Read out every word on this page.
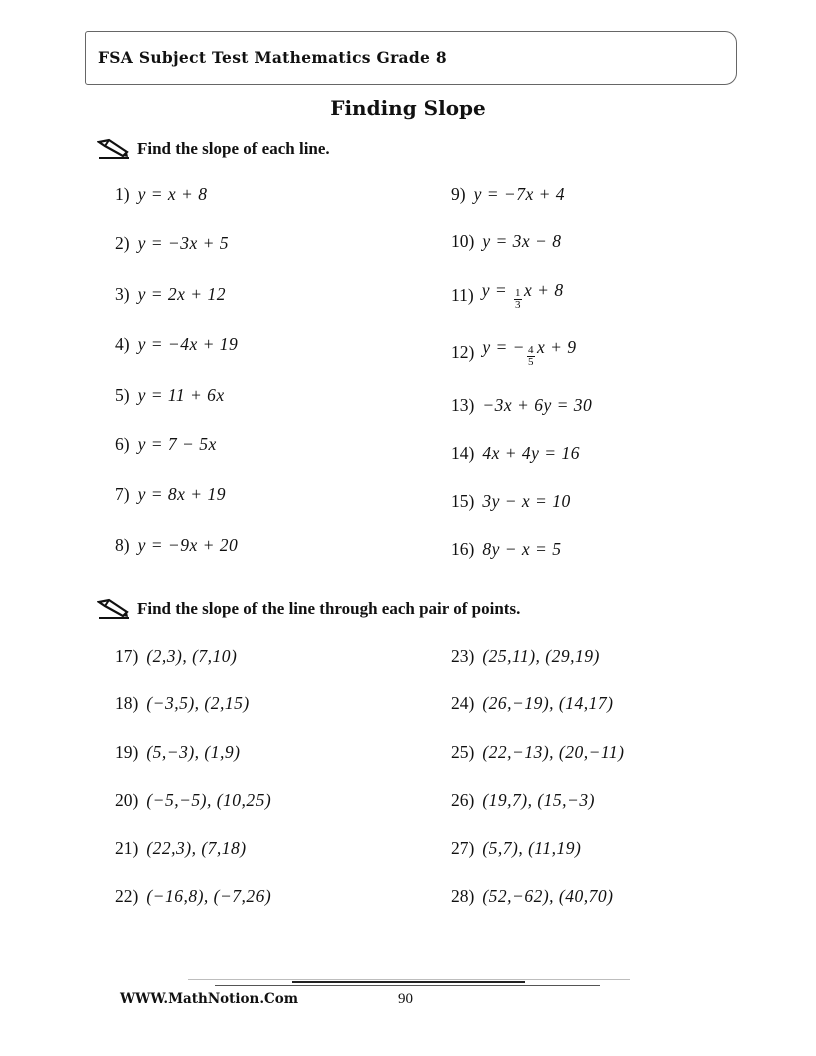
FSA Subject Test Mathematics Grade 8
Finding Slope
Find the slope of each line.
1) y = x + 8
2) y = −3x + 5
3) y = 2x + 12
4) y = −4x + 19
5) y = 11 + 6x
6) y = 7 − 5x
7) y = 8x + 19
8) y = −9x + 20
9) y = −7x + 4
10) y = 3x − 8
11) $y = \frac{1}{3}$ x + 8
12) y = − $\frac{4}{5}$ x + 9
13) −3x + 6y = 30
14) 4x + 4y = 16
15) 3y − x = 10
16) 8y − x = 5
Find the slope of the line through each pair of points.
17) (2,3), (7,10)
18) (−3,5), (2,15)
19) (5,−3), (1,9)
20) (−5,−5), (10,25)
21) (22,3), (7,18)
22) (−16,8), (−7,26)
23) (25,11), (29,19)
24) (26,−19), (14,17)
25) (22,−13), (20,−11)
26) (19,7), (15,−3)
27) (5,7), (11,19)
28) (52,−62), (40,70)
WWW.MathNotion.Com	90
